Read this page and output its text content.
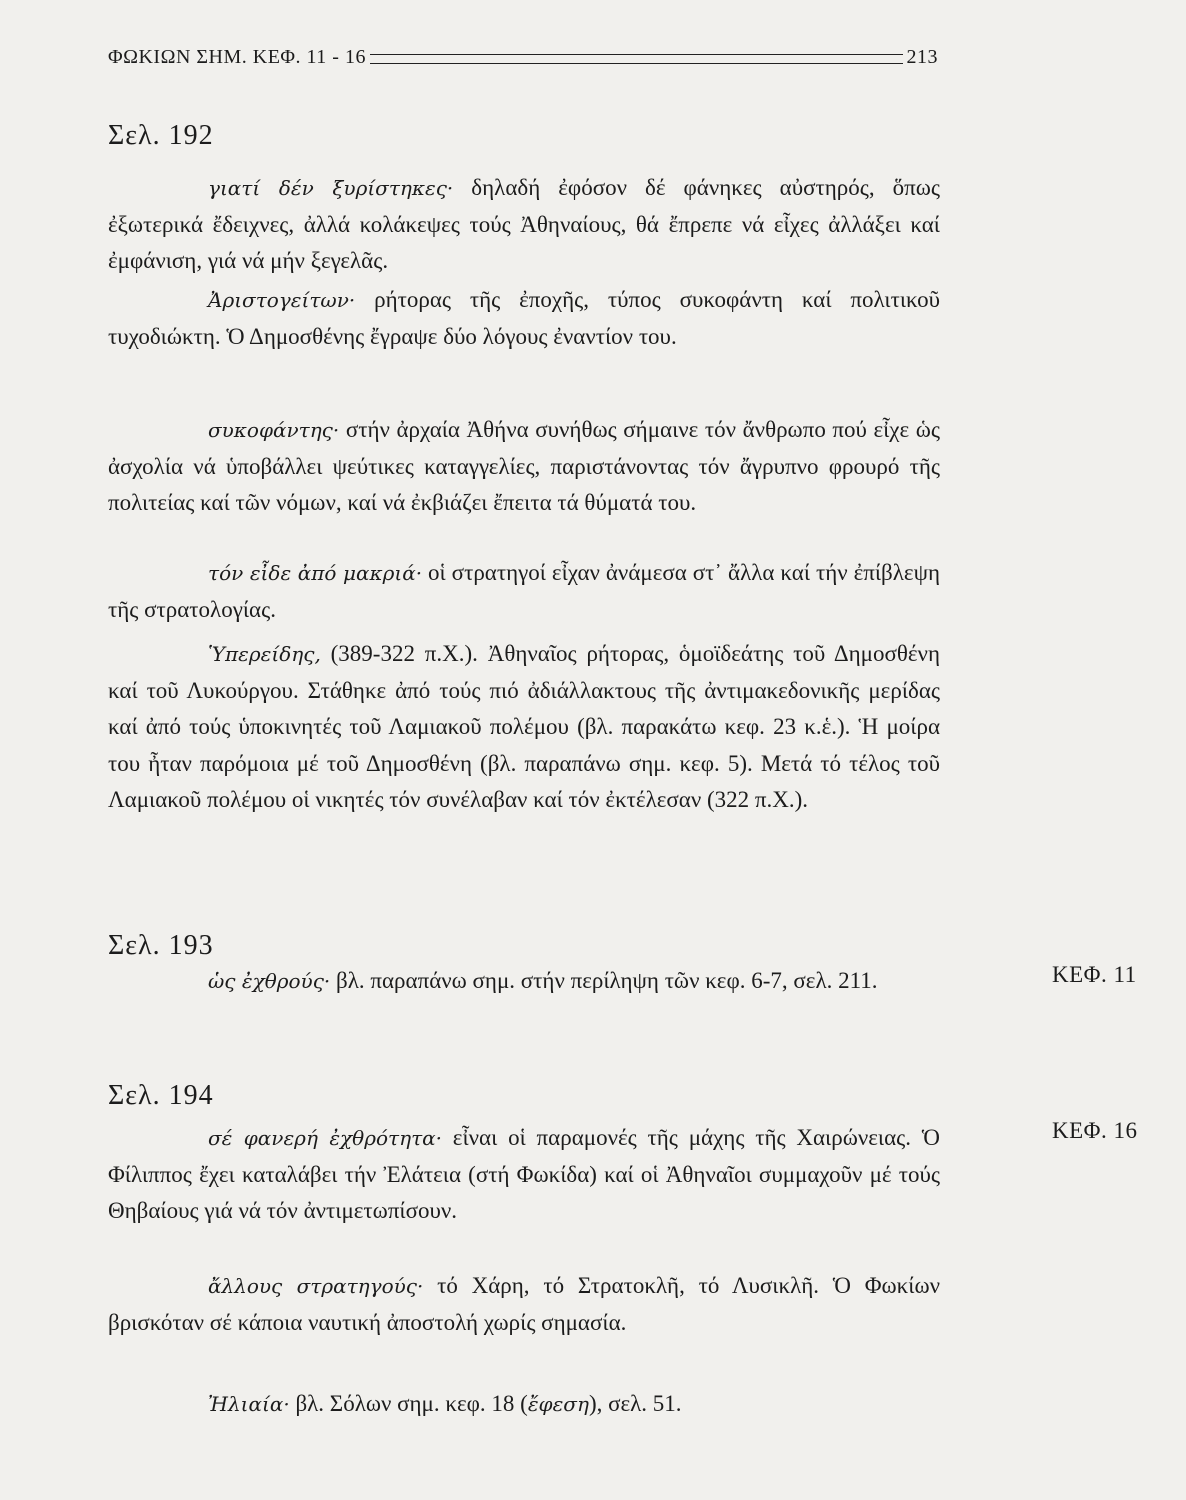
ΦΩΚΙΩΝ ΣΗΜ. ΚΕΦ. 11 - 16	213
Σελ. 192

γιατί δέν ξυρίστηκες· δηλαδή ἐφόσον δέ φάνηκες αὐστηρός, ὅπως ἐξωτερικά ἔδειχνες, ἀλλά κολάκεψες τούς Ἀθηναίους, θά ἔπρεπε νά εἶχες ἀλλάξει καί ἐμφάνιση, γιά νά μήν ξεγελᾶς.

Ἀριστογείτων· ρήτορας τῆς ἐποχῆς, τύπος συκοφάντη καί πολιτικοῦ τυχοδιώκτη. Ὁ Δημοσθένης ἔγραψε δύο λόγους ἐναντίον του.

συκοφάντης· στήν ἀρχαία Ἀθήνα συνήθως σήμαινε τόν ἄνθρωπο πού εἶχε ὡς ἀσχολία νά ὑποβάλλει ψεύτικες καταγγελίες, παριστάνοντας τόν ἄγρυπνο φρουρό τῆς πολιτείας καί τῶν νόμων, καί νά ἐκβιάζει ἔπειτα τά θύματά του.

τόν εἶδε ἀπό μακριά· οἱ στρατηγοί εἶχαν ἀνάμεσα στ᾽ ἄλλα καί τήν ἐπίβλεψη τῆς στρατολογίας.

Ὑπερείδης, (389-322 π.Χ.). Ἀθηναῖος ρήτορας, ὁμοϊδεάτης τοῦ Δημοσθένη καί τοῦ Λυκούργου. Στάθηκε ἀπό τούς πιό ἀδιάλλακτους τῆς ἀντιμακεδονικῆς μερίδας καί ἀπό τούς ὑποκινητές τοῦ Λαμιακοῦ πολέμου (βλ. παρακάτω κεφ. 23 κ.ἑ.). Ἡ μοίρα του ἦταν παρόμοια μέ τοῦ Δημοσθένη (βλ. παραπάνω σημ. κεφ. 5). Μετά τό τέλος τοῦ Λαμιακοῦ πολέμου οἱ νικητές τόν συνέλαβαν καί τόν ἐκτέλεσαν (322 π.Χ.).

Σελ. 193
ΚΕΦ. 11

ὡς ἐχθρούς· βλ. παραπάνω σημ. στήν περίληψη τῶν κεφ. 6-7, σελ. 211.

Σελ. 194
ΚΕΦ. 16

σέ φανερή ἐχθρότητα· εἶναι οἱ παραμονές τῆς μάχης τῆς Χαιρώνειας. Ὁ Φίλιππος ἔχει καταλάβει τήν Ἐλάτεια (στή Φωκίδα) καί οἱ Ἀθηναῖοι συμμαχοῦν μέ τούς Θηβαίους γιά νά τόν ἀντιμετωπίσουν.

ἄλλους στρατηγούς· τό Χάρη, τό Στρατοκλῆ, τό Λυσικλῆ. Ὁ Φωκίων βρισκόταν σέ κάποια ναυτική ἀποστολή χωρίς σημασία.

Ἠλιαία· βλ. Σόλων σημ. κεφ. 18 (ἔφεση), σελ. 51.
